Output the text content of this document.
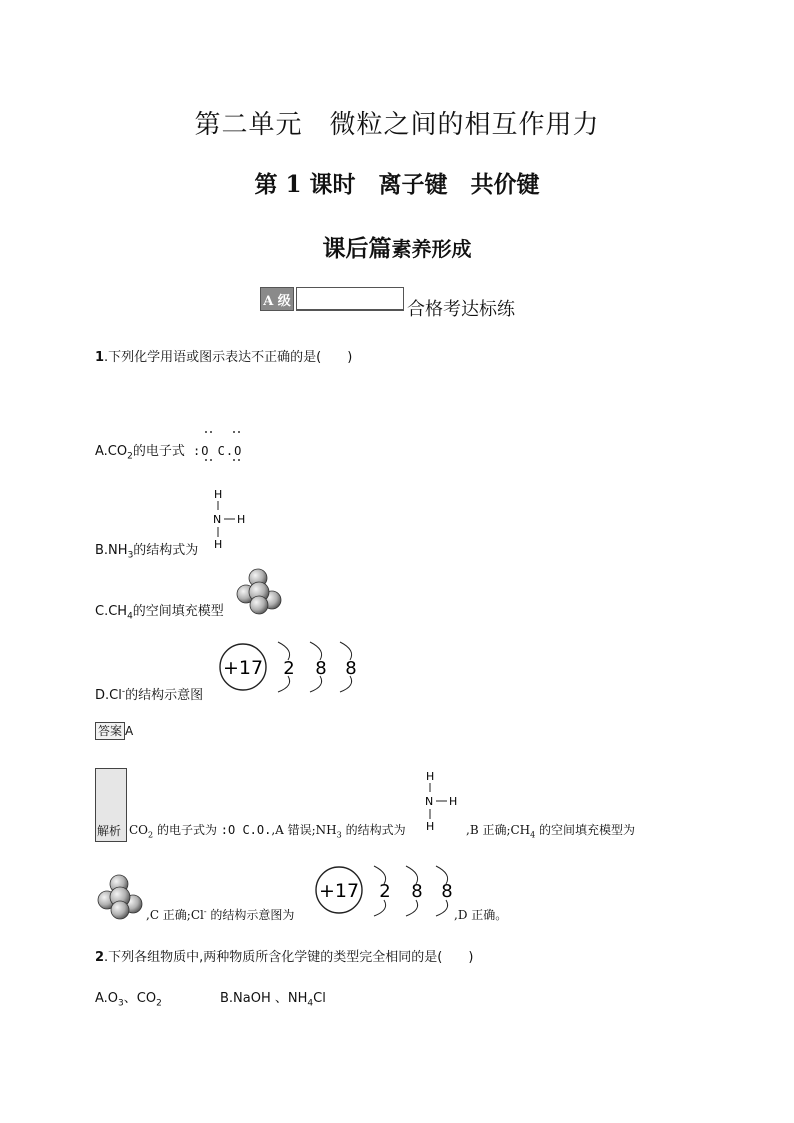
第二单元　微粒之间的相互作用力
第 1 课时　离子键　共价键
课后篇素养形成
A 级	合格考达标练
1.下列化学用语或图示表达不正确的是(　　)
$A.CO_2$的电子式 :O C.O
H
N H
H
$B.NH_3$的结构式为
$C.CH_4$的空间填充模型
D.Cl-的结构示意图
+17 2 8 8
答案 A
解析 $CO_2$ 的电子式为 :O C.O.,A 错误$;NH_3$ 的结构式为
H
N H
H	,B 正确$;CH_4$ 的空间填充模型为
,C 正确;Cl- 的结构示意图为
+17 2 8 8
,D 正确。
2.下列各组物质中,两种物质所含化学键的类型完全相同的是(　　)
$A.O_3$、$CO_2$	B.NaOH 、$NH_4Cl$
